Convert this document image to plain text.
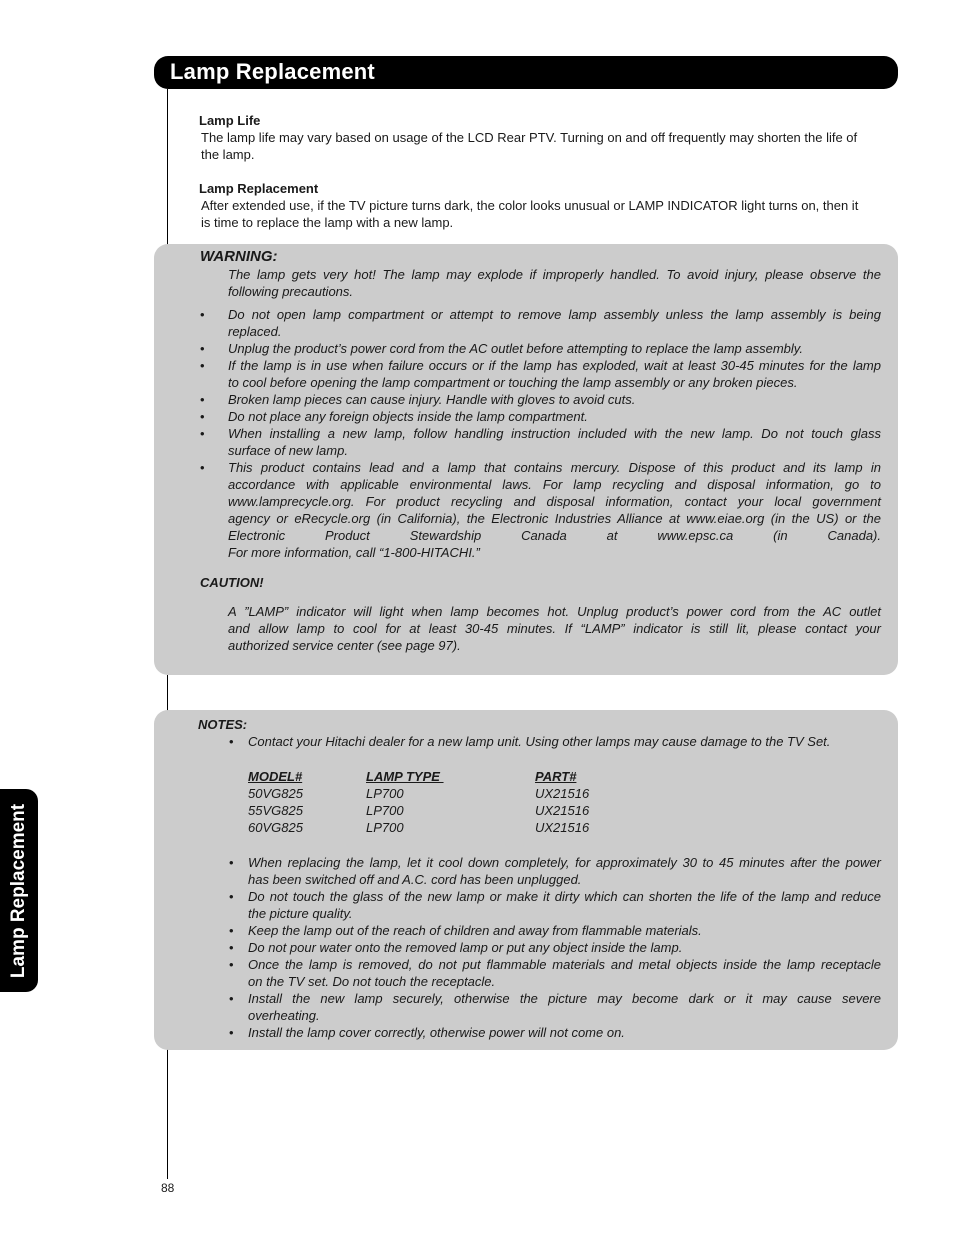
Lamp Replacement
Lamp Life
The lamp life may vary based on usage of the LCD Rear PTV. Turning on and off frequently may shorten the life of
the lamp.
Lamp Replacement
After extended use, if the TV picture turns dark, the color looks unusual or LAMP INDICATOR light turns on, then it
is time to replace the lamp with a new lamp.
WARNING:
The lamp gets very hot! The lamp may explode if improperly handled. To avoid injury, please observe the
following precautions.
CAUTION!
A ”LAMP” indicator will light when lamp becomes hot. Unplug product’s power cord from the AC outlet
and allow lamp to cool for at least 30-45 minutes. If “LAMP” indicator is still lit, please contact your
authorized service center (see page 97).
• Do not open lamp compartment or attempt to remove lamp assembly unless the lamp assembly is being
replaced.
• Unplug the product’s power cord from the AC outlet before attempting to replace the lamp assembly.
• If the lamp is in use when failure occurs or if the lamp has exploded, wait at least 30-45 minutes for the lamp
to cool before opening the lamp compartment or touching the lamp assembly or any broken pieces.
• Broken lamp pieces can cause injury. Handle with gloves to avoid cuts.
• Do not place any foreign objects inside the lamp compartment.
• When installing a new lamp, follow handling instruction included with the new lamp. Do not touch glass
surface of new lamp.
• This product contains lead and a lamp that contains mercury. Dispose of this product and its lamp in
accordance with applicable environmental laws. For lamp recycling and disposal information, go to
www.lamprecycle.org. For product recycling and disposal information, contact your local government
agency or eRecycle.org (in California), the Electronic Industries Alliance at www.eiae.org (in the US) or the
Electronic Product Stewardship Canada at www.epsc.ca (in Canada).
For more information, call “1-800-HITACHI.”
NOTES:
• Contact your Hitachi dealer for a new lamp unit. Using other lamps may cause damage to the TV Set.
MODEL#	LAMP TYPE	PART#
50VG825	LP700	UX21516
55VG825	LP700	UX21516
60VG825	LP700	UX21516
• When replacing the lamp, let it cool down completely, for approximately 30 to 45 minutes after the power
has been switched off and A.C. cord has been unplugged.
• Do not touch the glass of the new lamp or make it dirty which can shorten the life of the lamp and reduce
the picture quality.
• Keep the lamp out of the reach of children and away from flammable materials.
• Do not pour water onto the removed lamp or put any object inside the lamp.
• Once the lamp is removed, do not put flammable materials and metal objects inside the lamp receptacle
on the TV set. Do not touch the receptacle.
• Install the new lamp securely, otherwise the picture may become dark or it may cause severe
overheating.
• Install the lamp cover correctly, otherwise power will not come on.
Lamp Replacement
88
